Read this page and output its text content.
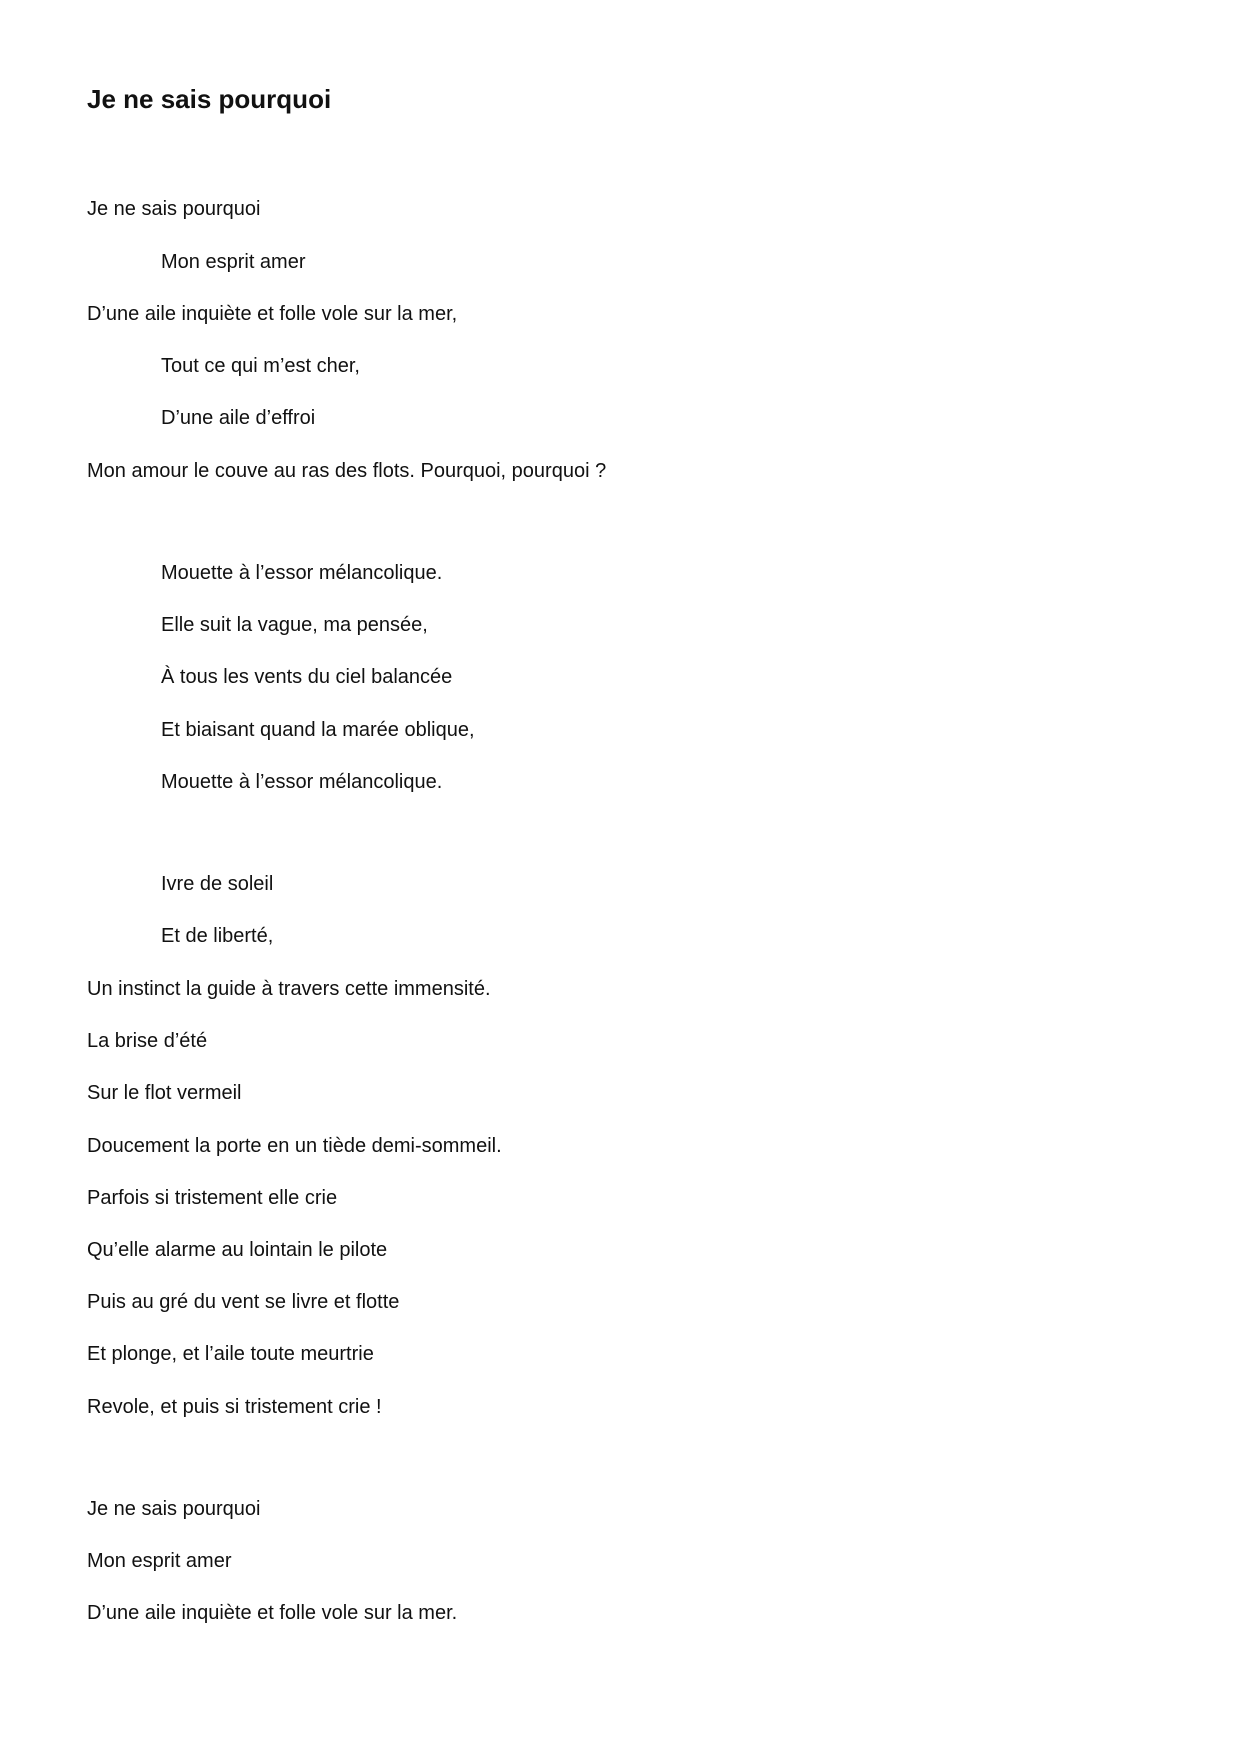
Je ne sais pourquoi

Je ne sais pourquoi

Mon esprit amer

D’une aile inquiète et folle vole sur la mer,

Tout ce qui m’est cher,

D’une aile d’effroi

Mon amour le couve au ras des flots. Pourquoi, pourquoi ?

Mouette à l’essor mélancolique.

Elle suit la vague, ma pensée,

À tous les vents du ciel balancée

Et biaisant quand la marée oblique,

Mouette à l’essor mélancolique.

Ivre de soleil

Et de liberté,

Un instinct la guide à travers cette immensité.

La brise d’été

Sur le flot vermeil

Doucement la porte en un tiède demi-sommeil.

Parfois si tristement elle crie

Qu’elle alarme au lointain le pilote

Puis au gré du vent se livre et flotte

Et plonge, et l’aile toute meurtrie

Revole, et puis si tristement crie !

Je ne sais pourquoi

Mon esprit amer

D’une aile inquiète et folle vole sur la mer.
